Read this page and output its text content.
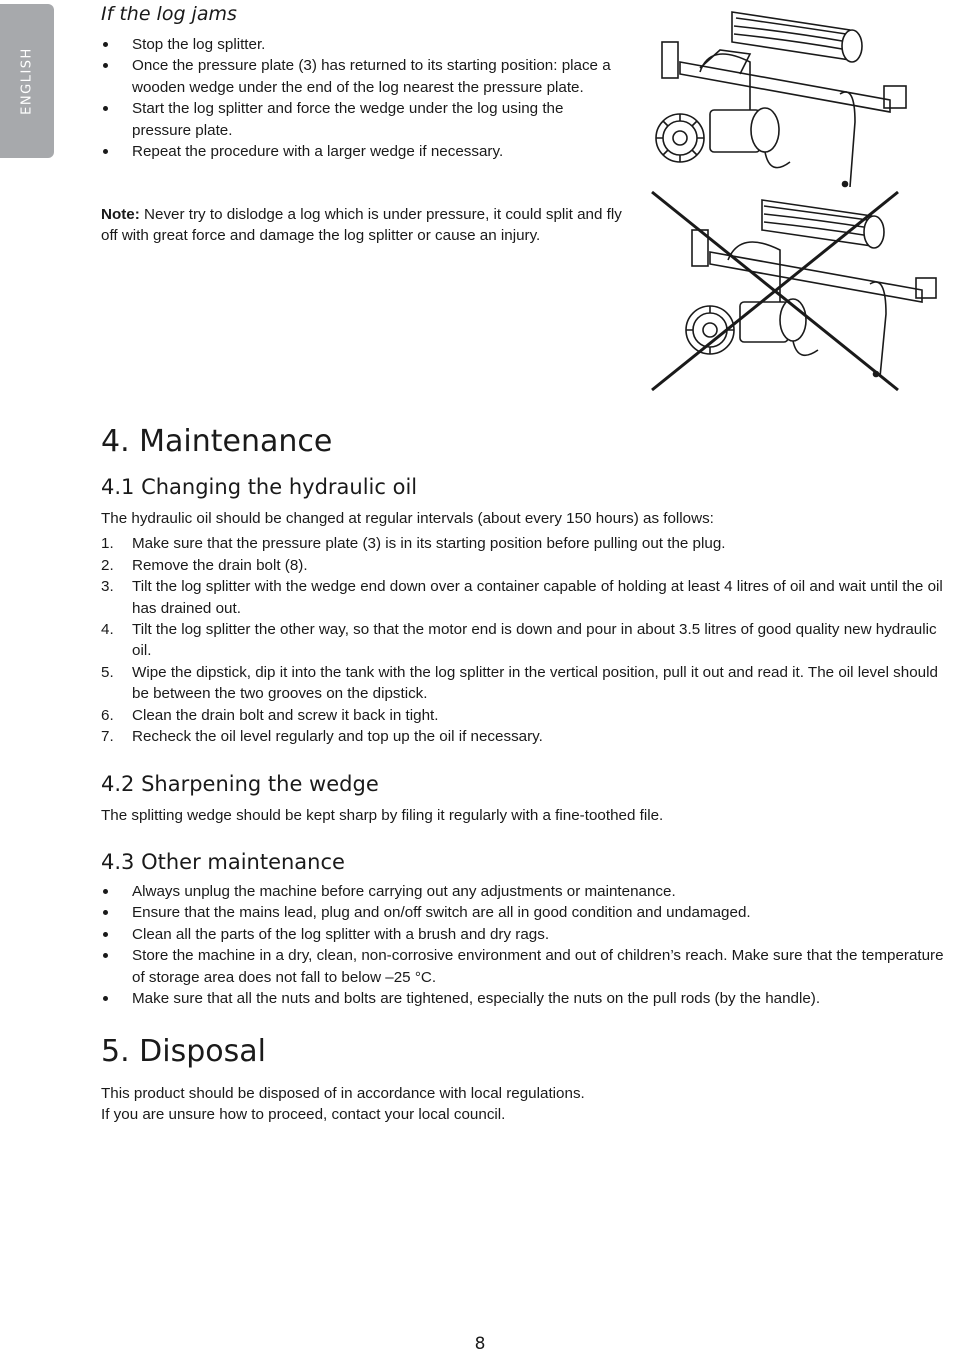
ENGLISH
If the log jams
Stop the log splitter.
Once the pressure plate (3) has returned to its starting position: place a wooden wedge under the end of the log nearest the pressure plate.
Start the log splitter and force the wedge under the log using the pressure plate.
Repeat the procedure with a larger wedge if necessary.

Note: Never try to dislodge a log which is under pressure, it could split and fly off with great force and damage the log splitter or cause an injury.

4. Maintenance
4.1 Changing the hydraulic oil

The hydraulic oil should be changed at regular intervals (about every 150 hours) as follows:

1. Make sure that the pressure plate (3) is in its starting position before pulling out the plug.
2. Remove the drain bolt (8).
3. Tilt the log splitter with the wedge end down over a container capable of holding at least 4 litres of oil and wait until the oil has drained out.
4. Tilt the log splitter the other way, so that the motor end is down and pour in about 3.5 litres of good quality new hydraulic oil.
5. Wipe the dipstick, dip it into the tank with the log splitter in the vertical position, pull it out and read it. The oil level should be between the two grooves on the dipstick.
6. Clean the drain bolt and screw it back in tight.
7. Recheck the oil level regularly and top up the oil if necessary.
4.2 Sharpening the wedge

The splitting wedge should be kept sharp by filing it regularly with a fine-toothed file.

4.3 Other maintenance
Always unplug the machine before carrying out any adjustments or maintenance.
Ensure that the mains lead, plug and on/off switch are all in good condition and undamaged.
Clean all the parts of the log splitter with a brush and dry rags.
Store the machine in a dry, clean, non-corrosive environment and out of children’s reach. Make sure that the temperature of storage area does not fall to below –25 °C.
Make sure that all the nuts and bolts are tightened, especially the nuts on the pull rods (by the handle).
5. Disposal

This product should be disposed of in accordance with local regulations.

If you are unsure how to proceed, contact your local council.

8
